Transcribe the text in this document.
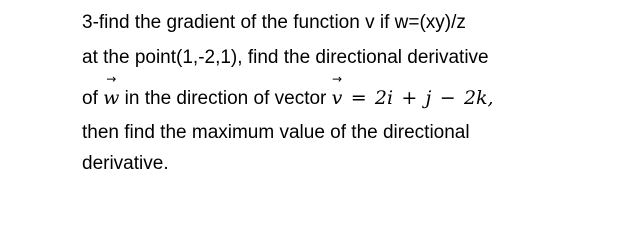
3-find the gradient of the function v if w=(xy)/z
at the point(1,-2,1), find the directional derivative
of
→
w in the direction of vector
→
v = 2i + j − 2k,
then find the maximum value of the directional
derivative.
